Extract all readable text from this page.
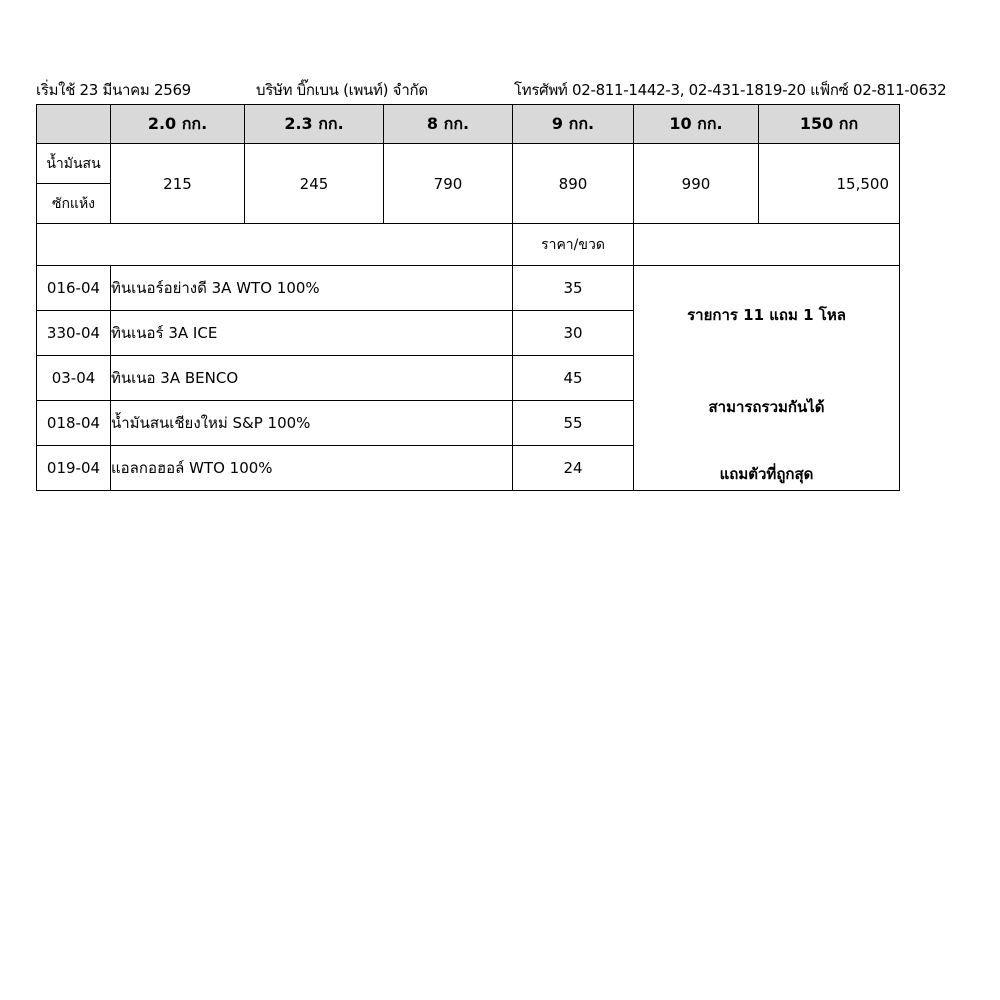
เริ่มใช้ 23 มีนาคม 2569	บริษัท บิ๊กเบน (เพนท์) จำกัด	โทรศัพท์ 02-811-1442-3, 02-431-1819-20 แฟ็กซ์ 02-811-0632
	2.0 กก.	2.3 กก.	8 กก.	9 กก.	10 กก.	150 กก
น้ำมันสน	215	245	790	890	990	15,500
ซักแห้ง						
				ราคา/ขวด		
016-04	ทินเนอร์อย่างดี 3A WTO 100%			35	รายการ 11 แถม 1 โหล
สามารถรวมกันได้
แถมตัวที่ถูกสุด	

330-04	ทินเนอร์ 3A ICE			30		
03-04	ทินเนอ 3A BENCO			45		
018-04	น้ำมันสนเชียงใหม่ S&P 100%			55		
019-04	แอลกอฮอล์ WTO 100%			24		
